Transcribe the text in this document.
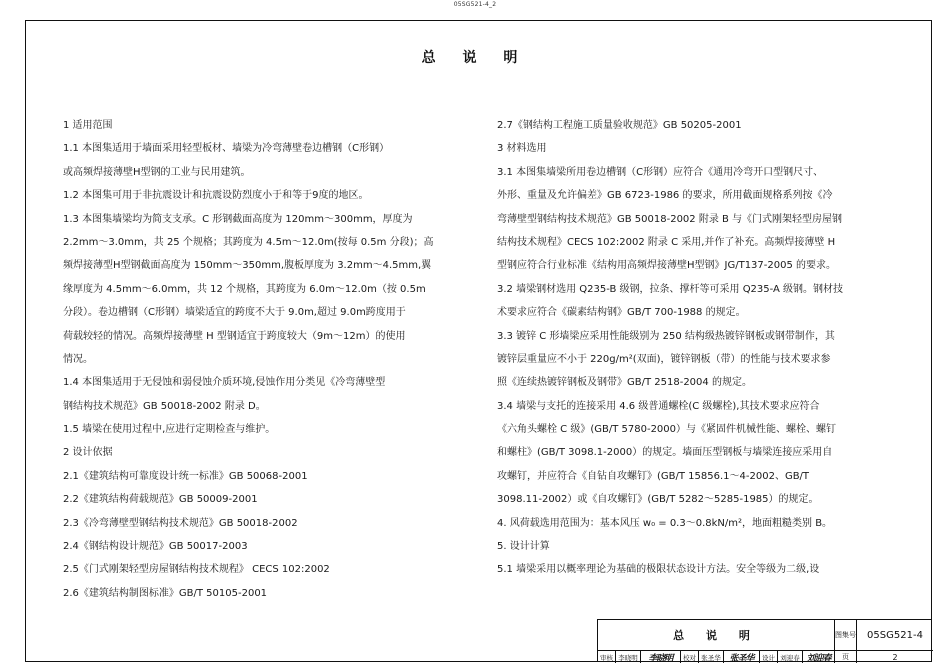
05SG521-4_2
总 说 明
1 适用范围
1.1 本图集适用于墙面采用轻型板材、墙梁为冷弯薄壁卷边槽钢（C形钢）
或高频焊接薄壁H型钢的工业与民用建筑。
1.2 本图集可用于非抗震设计和抗震设防烈度小于和等于9度的地区。
1.3 本图集墙梁均为简支支承。C 形钢截面高度为 120mm～300mm，厚度为
2.2mm～3.0mm，共 25 个规格；其跨度为 4.5m～12.0m(按每 0.5m 分段)；高
频焊接薄型H型钢截面高度为 150mm～350mm,腹板厚度为 3.2mm～4.5mm,翼
缘厚度为 4.5mm～6.0mm，共 12 个规格，其跨度为 6.0m～12.0m（按 0.5m
分段）。卷边槽钢（C形钢）墙梁适宜的跨度不大于 9.0m,超过 9.0m跨度用于
荷载较轻的情况。高频焊接薄壁 H 型钢适宜于跨度较大（9m～12m）的使用
情况。
1.4 本图集适用于无侵蚀和弱侵蚀介质环境,侵蚀作用分类见《冷弯薄壁型
钢结构技术规范》GB 50018-2002 附录 D。
1.5 墙梁在使用过程中,应进行定期检查与维护。
2 设计依据
2.1《建筑结构可靠度设计统一标准》GB 50068-2001
2.2《建筑结构荷载规范》GB 50009-2001
2.3《冷弯薄壁型钢结构技术规范》GB 50018-2002
2.4《钢结构设计规范》GB 50017-2003
2.5《门式刚架轻型房屋钢结构技术规程》 CECS 102:2002
2.6《建筑结构制图标准》GB/T 50105-2001
2.7《钢结构工程施工质量验收规范》GB 50205-2001
3 材料选用
3.1 本图集墙梁所用卷边槽钢（C形钢）应符合《通用冷弯开口型钢尺寸、
外形、重量及允许偏差》GB 6723-1986 的要求，所用截面规格系列按《冷
弯薄壁型钢结构技术规范》GB 50018-2002 附录 B 与《门式刚架轻型房屋钢
结构技术规程》CECS 102:2002 附录 C 采用,并作了补充。高频焊接薄壁 H
型钢应符合行业标准《结构用高频焊接薄壁H型钢》JG/T137-2005 的要求。
3.2 墙梁钢材选用 Q235-B 级钢，拉条、撑杆等可采用 Q235-A 级钢。钢材技
术要求应符合《碳素结构钢》GB/T 700-1988 的规定。
3.3 镀锌 C 形墙梁应采用性能级别为 250 结构级热镀锌钢板或钢带制作，其
镀锌层重量应不小于 220g/m²(双面)，镀锌钢板（带）的性能与技术要求参
照《连续热镀锌钢板及钢带》GB/T 2518-2004 的规定。
3.4 墙梁与支托的连接采用 4.6 级普通螺栓(C 级螺栓),其技术要求应符合
《六角头螺栓 C 级》(GB/T 5780-2000）与《紧固件机械性能、螺栓、螺钉
和螺柱》(GB/T 3098.1-2000）的规定。墙面压型钢板与墙梁连接应采用自
攻螺钉，并应符合《自钻自攻螺钉》(GB/T 15856.1～4-2002、GB/T
3098.11-2002）或《自攻螺钉》(GB/T 5282～5285-1985）的规定。
4. 风荷载选用范围为：基本风压 w₀ = 0.3～0.8kN/m²，地面粗糙类别 B。
5. 设计计算
5.1 墙梁采用以概率理论为基础的极限状态设计方法。安全等级为二级,设
总 说 明	图集号	05SG521-4
审核 李晓明	李晓明	校对 张圣华 张圣华	设计 刘迎春 刘迎春	页	2
